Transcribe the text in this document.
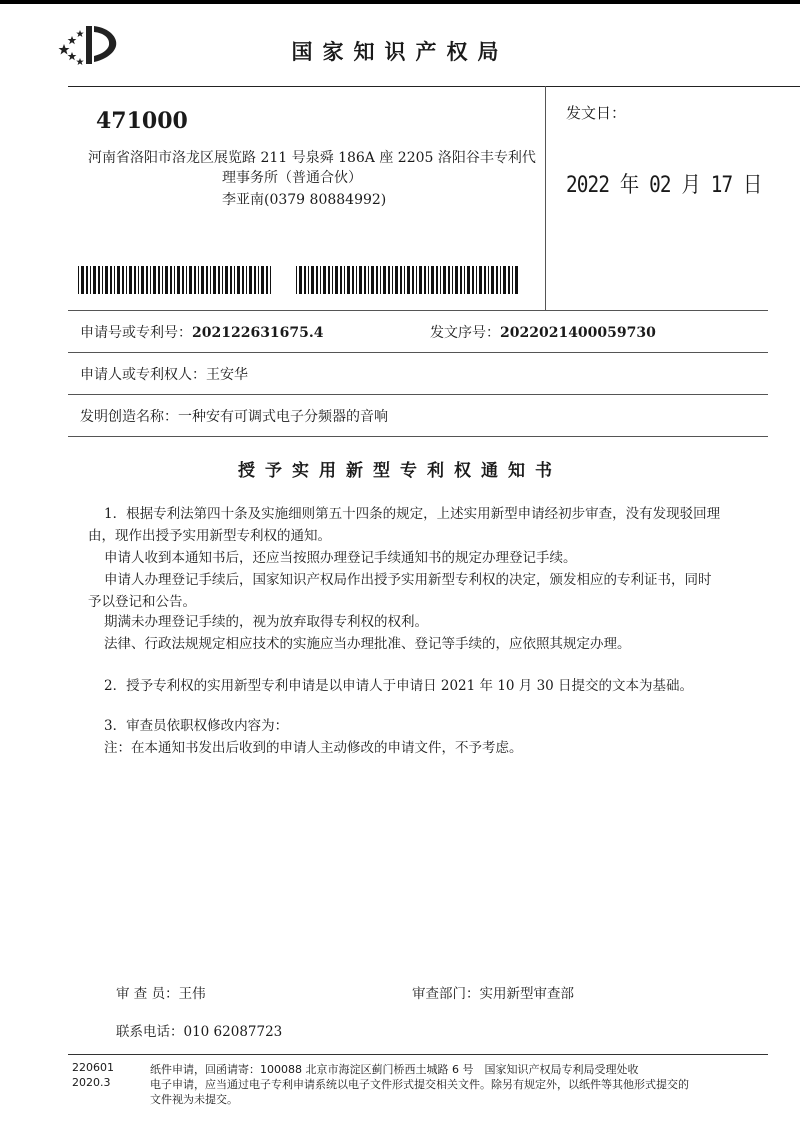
国家知识产权局
471000
河南省洛阳市洛龙区展览路 211 号泉舜 186A 座 2205 洛阳谷丰专利代
理事务所（普通合伙）
李亚南(0379 80884992)
发文日：
2022 年 02 月 17 日
申请号或专利号：202122631675.4	发文序号：2022021400059730
申请人或专利权人：王安华
发明创造名称：一种安有可调式电子分频器的音响
授予实用新型专利权通知书
1．根据专利法第四十条及实施细则第五十四条的规定，上述实用新型申请经初步审查，没有发现驳回理
由，现作出授予实用新型专利权的通知。
申请人收到本通知书后，还应当按照办理登记手续通知书的规定办理登记手续。
申请人办理登记手续后，国家知识产权局作出授予实用新型专利权的决定，颁发相应的专利证书，同时
予以登记和公告。
期满未办理登记手续的，视为放弃取得专利权的权利。
法律、行政法规规定相应技术的实施应当办理批准、登记等手续的，应依照其规定办理。
2．授予专利权的实用新型专利申请是以申请人于申请日 2021 年 10 月 30 日提交的文本为基础。
3．审查员依职权修改内容为：
注：在本通知书发出后收到的申请人主动修改的申请文件，不予考虑。
审 查 员：王伟	审查部门：实用新型审查部
联系电话：010 62087723
220601
2020.3
纸件申请，回函请寄：100088 北京市海淀区蓟门桥西土城路 6 号　国家知识产权局专利局受理处收
电子申请，应当通过电子专利申请系统以电子文件形式提交相关文件。除另有规定外，以纸件等其他形式提交的
文件视为未提交。
